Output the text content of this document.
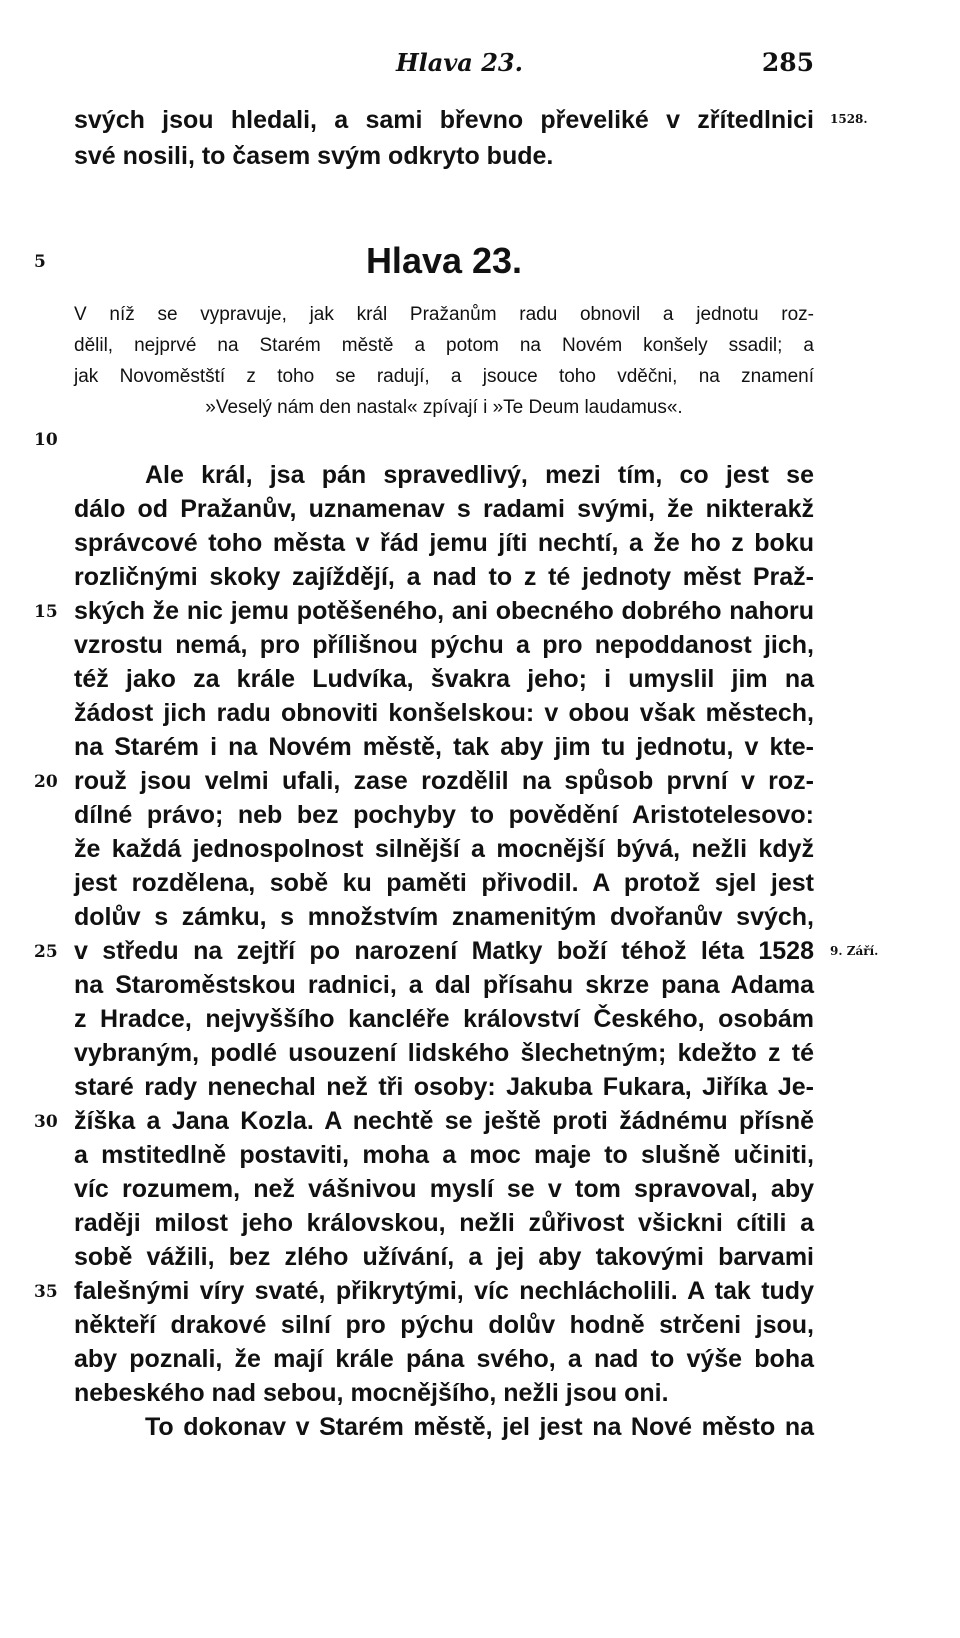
Hlava 23.	285
svých jsou hledali, a sami břevno převeliké v zřítedlnici
své nosili, to časem svým odkryto bude.
1528.
5	Hlava 23.
V níž se vypravuje, jak král Pražanům radu obnovil a jednotu roz-
dělil, nejprvé na Starém městě a potom na Novém konšely ssadil; a
jak Novoměstští z toho se radují, a jsouce toho vděčni, na znamení
»Veselý nám den nastal« zpívají i »Te Deum laudamus«.
10
Ale král, jsa pán spravedlivý, mezi tím, co jest se
dálo od Pražanův, uznamenav s radami svými, že nikterakž
správcové toho města v řád jemu jíti nechtí, a že ho z boku
rozličnými skoky zajíždějí, a nad to z té jednoty měst Praž-
ských že nic jemu potěšeného, ani obecného dobrého nahoru
15
vzrostu nemá, pro přílišnou pýchu a pro nepoddanost jich,
též jako za krále Ludvíka, švakra jeho; i umyslil jim na
žádost jich radu obnoviti konšelskou: v obou však městech,
na Starém i na Novém městě, tak aby jim tu jednotu, v kte-
rouž jsou velmi ufali, zase rozdělil na spůsob první v roz-
20
dílné právo; neb bez pochyby to povědění Aristotelesovo:
že každá jednospolnost silnější a mocnější bývá, nežli když
jest rozdělena, sobě ku paměti přivodil. A protož sjel jest
dolův s zámku, s množstvím znamenitým dvořanův svých,
v středu na zejtří po narození Matky boží téhož léta 1528
25	9. Září.
na Staroměstskou radnici, a dal přísahu skrze pana Adama
z Hradce, nejvyššího kancléře království Českého, osobám
vybraným, podlé usouzení lidského šlechetným; kdežto z té
staré rady nenechal než tři osoby: Jakuba Fukara, Jiříka Je-
žíška a Jana Kozla. A nechtě se ještě proti žádnému přísně
30
a mstitedlně postaviti, moha a moc maje to slušně učiniti,
víc rozumem, než vášnivou myslí se v tom spravoval, aby
raději milost jeho královskou, nežli zůřivost všickni cítili a
sobě vážili, bez zlého užívání, a jej aby takovými barvami
falešnými víry svaté, přikrytými, víc nechlácholili. A tak tudy
35
někteří drakové silní pro pýchu dolův hodně strčeni jsou,
aby poznali, že mají krále pána svého, a nad to výše boha
nebeského nad sebou, mocnějšího, nežli jsou oni.
To dokonav v Starém městě, jel jest na Nové město na
